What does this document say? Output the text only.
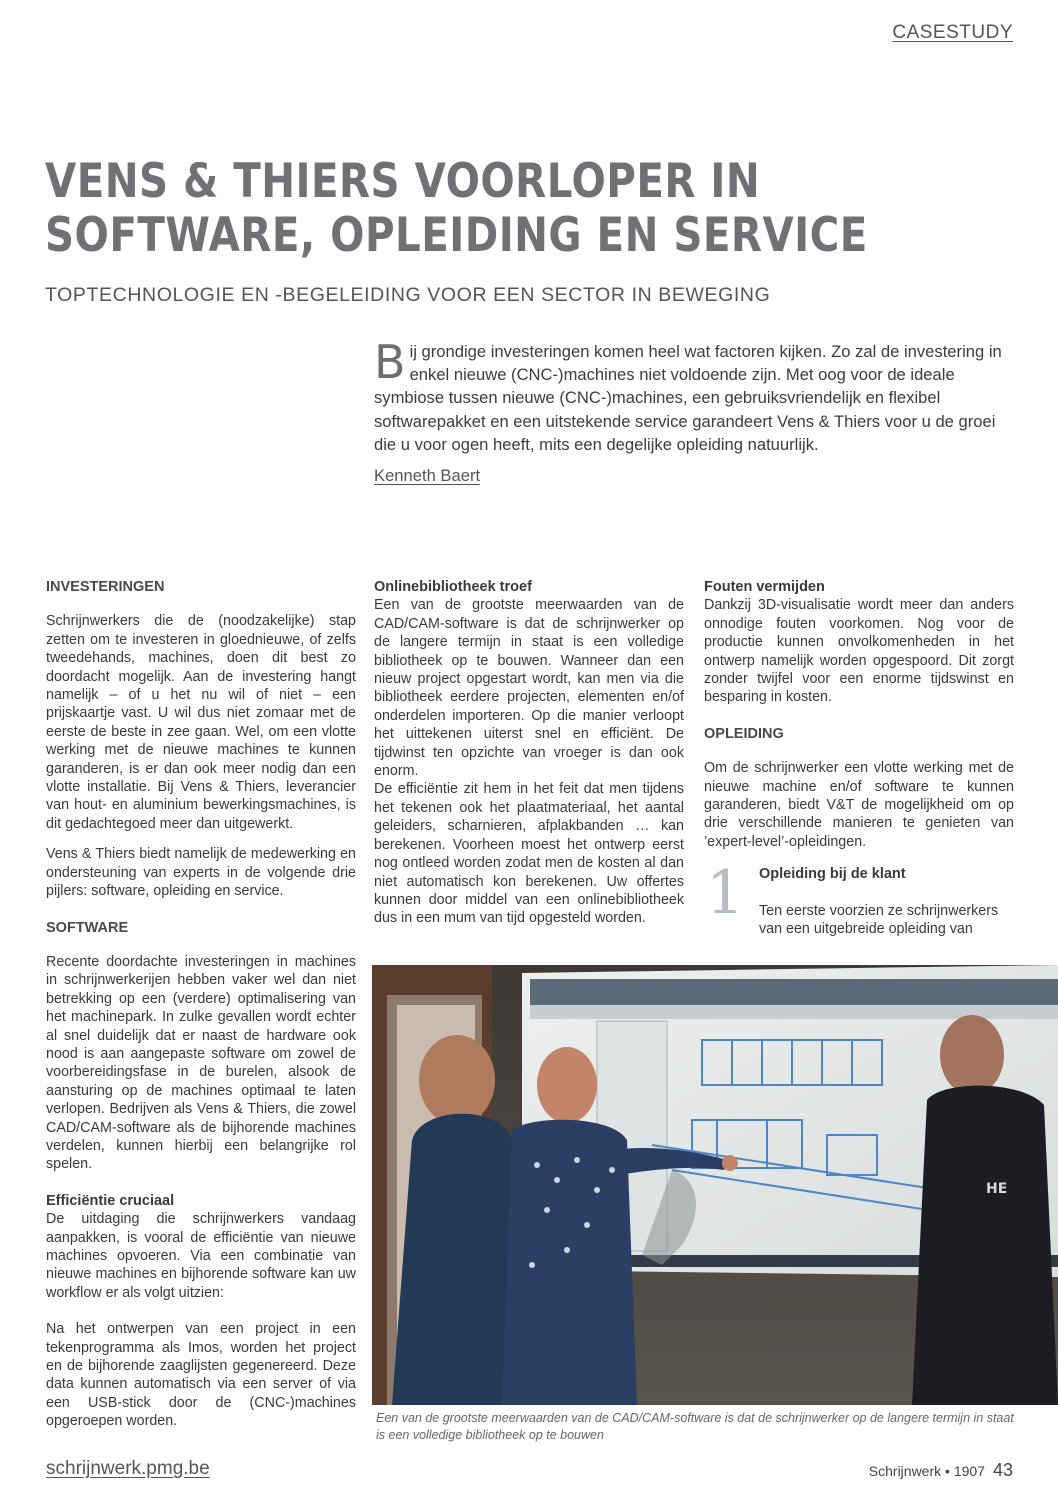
CASESTUDY
VENS & THIERS VOORLOPER IN SOFTWARE, OPLEIDING EN SERVICE
TOPTECHNOLOGIE EN -BEGELEIDING VOOR EEN SECTOR IN BEWEGING
Bij grondige investeringen komen heel wat factoren kijken. Zo zal de investering in enkel nieuwe (CNC-)machines niet voldoende zijn. Met oog voor de ideale symbiose tussen nieuwe (CNC-)machines, een gebruiksvriendelijk en flexibel softwarepakket en een uitstekende service garandeert Vens & Thiers voor u de groei die u voor ogen heeft, mits een degelijke opleiding natuurlijk.
Kenneth Baert
INVESTERINGEN

Schrijnwerkers die de (noodzakelijke) stap zetten om te investeren in gloednieuwe, of zelfs tweedehands, machines, doen dit best zo doordacht mogelijk. Aan de investering hangt namelijk – of u het nu wil of niet – een prijskaartje vast. U wil dus niet zomaar met de eerste de beste in zee gaan. Wel, om een vlotte werking met de nieuwe machines te kunnen garanderen, is er dan ook meer nodig dan een vlotte installatie. Bij Vens & Thiers, leverancier van hout- en aluminium bewerkingsmachines, is dit gedachtegoed meer dan uitgewerkt.

Vens & Thiers biedt namelijk de medewerking en ondersteuning van experts in de volgende drie pijlers: software, opleiding en service.

SOFTWARE

Recente doordachte investeringen in machines in schrijnwerkerijen hebben vaker wel dan niet betrekking op een (verdere) optimalisering van het machinepark. In zulke gevallen wordt echter al snel duidelijk dat er naast de hardware ook nood is aan aangepaste software om zowel de voorbereidingsfase in de burelen, alsook de aansturing op de machines optimaal te laten verlopen. Bedrijven als Vens & Thiers, die zowel CAD/CAM-software als de bijhorende machines verdelen, kunnen hierbij een belangrijke rol spelen.

Efficiëntie cruciaal

De uitdaging die schrijnwerkers vandaag aanpakken, is vooral de efficiëntie van nieuwe machines opvoeren. Via een combinatie van nieuwe machines en bijhorende software kan uw workflow er als volgt uitzien:

Na het ontwerpen van een project in een tekenprogramma als Imos, worden het project en de bijhorende zaaglijsten gegenereerd. Deze data kunnen automatisch via een server of via een USB-stick door de (CNC-)machines opgeroepen worden.

Onlinebibliotheek troef

Een van de grootste meerwaarden van de CAD/CAM-software is dat de schrijnwerker op de langere termijn in staat is een volledige bibliotheek op te bouwen. Wanneer dan een nieuw project opgestart wordt, kan men via die bibliotheek eerdere projecten, elementen en/of onderdelen importeren. Op die manier verloopt het uittekenen uiterst snel en efficiënt. De tijdwinst ten opzichte van vroeger is dan ook enorm.

De efficiëntie zit hem in het feit dat men tijdens het tekenen ook het plaatmateriaal, het aantal geleiders, scharnieren, afplakbanden … kan berekenen. Voorheen moest het ontwerp eerst nog ontleed worden zodat men de kosten al dan niet automatisch kon berekenen. Uw offertes kunnen door middel van een onlinebibliotheek dus in een mum van tijd opgesteld worden.

Fouten vermijden

Dankzij 3D-visualisatie wordt meer dan anders onnodige fouten voorkomen. Nog voor de productie kunnen onvolkomenheden in het ontwerp namelijk worden opgespoord. Dit zorgt zonder twijfel voor een enorme tijdswinst en besparing in kosten.

OPLEIDING

Om de schrijnwerker een vlotte werking met de nieuwe machine en/of software te kunnen garanderen, biedt V&T de mogelijkheid om op drie verschillende manieren te genieten van ’expert-level’-opleidingen.

1 Opleiding bij de klant

Ten eerste voorzien ze schrijnwerkers van een uitgebreide opleiding van

HE
Een van de grootste meerwaarden van de CAD/CAM-software is dat de schrijnwerker op de langere termijn in staat is een volledige bibliotheek op te bouwen
schrijnwerk.pmg.be	Schrijnwerk • 1907 43
